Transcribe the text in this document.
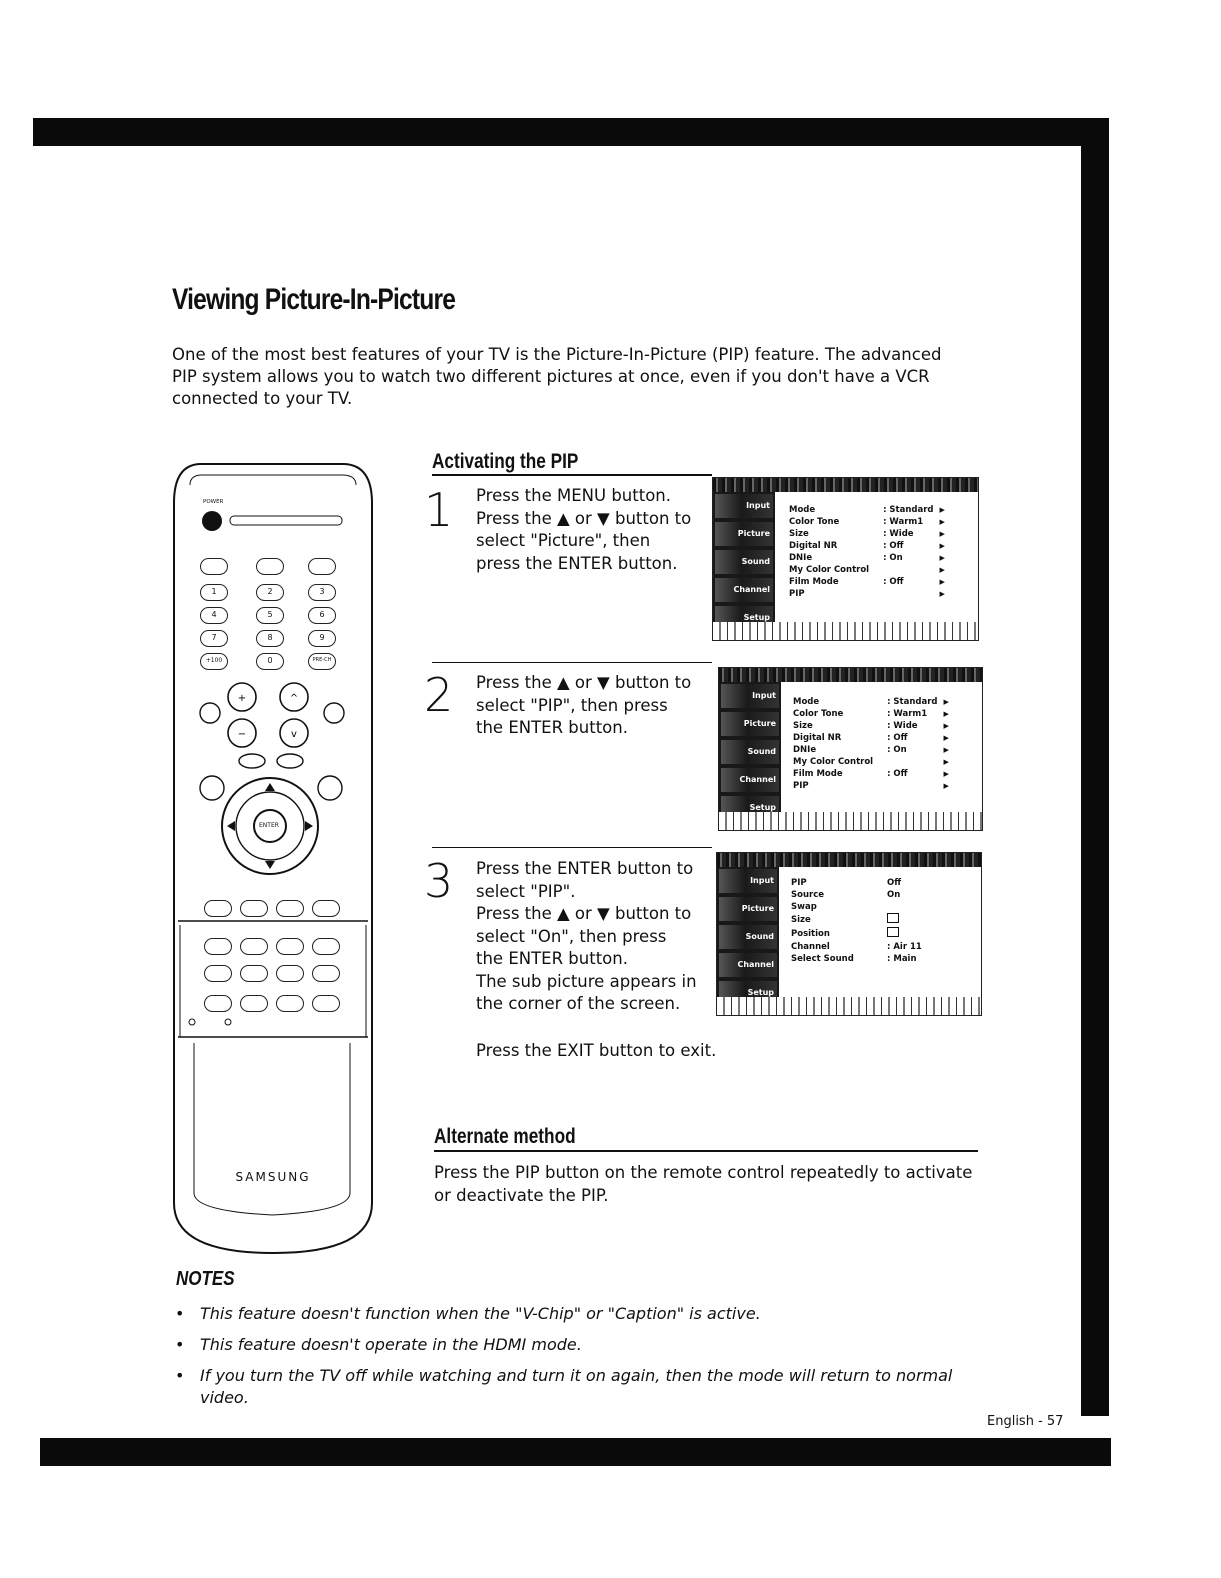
Viewing Picture-In-Picture
One of the most best features of your TV is the Picture-In-Picture (PIP) feature. The advanced PIP system allows you to watch two different pictures at once, even if you don't have a VCR connected to your TV.
Activating the PIP
1 Press the MENU button. Press the ▲ or ▼ button to select "Picture", then press the ENTER button.
Input
Picture
Sound
Channel
Setup
Mode	: Standard	▶
Color Tone	: Warm1	▶
Size	: Wide	▶
Digital NR	: Off	▶
DNIe	: On	▶
My Color Control		▶
Film Mode	: Off	▶
PIP		▶
2 Press the ▲ or ▼ button to select "PIP", then press the ENTER button.
Input
Picture
Sound
Channel
Setup
Mode	: Standard	▶
Color Tone	: Warm1	▶
Size	: Wide	▶
Digital NR	: Off	▶
DNIe	: On	▶
My Color Control		▶
Film Mode	: Off	▶
PIP		▶
3 Press the ENTER button to select "PIP".

Press the ▲ or ▼ button to select "On", then press the ENTER button.

The sub picture appears in the corner of the screen.

Input
Picture
Sound
Channel
Setup
PIP	Off
Source	On
Swap	
Size	
Position	
Channel	: Air 11
Select Sound	: Main
Press the EXIT button to exit.
Alternate method
Press the PIP button on the remote control repeatedly to activate or deactivate the PIP.
+	^
−	v
POWER
1	2	3
4	5	6
7	8	9
+100	0	PRE-CH
ENTER
SAMSUNG
NOTES
• This feature doesn't function when the "V-Chip" or "Caption" is active.
• This feature doesn't operate in the HDMI mode.
• If you turn the TV off while watching and turn it on again, then the mode will return to normal video.
English - 57
